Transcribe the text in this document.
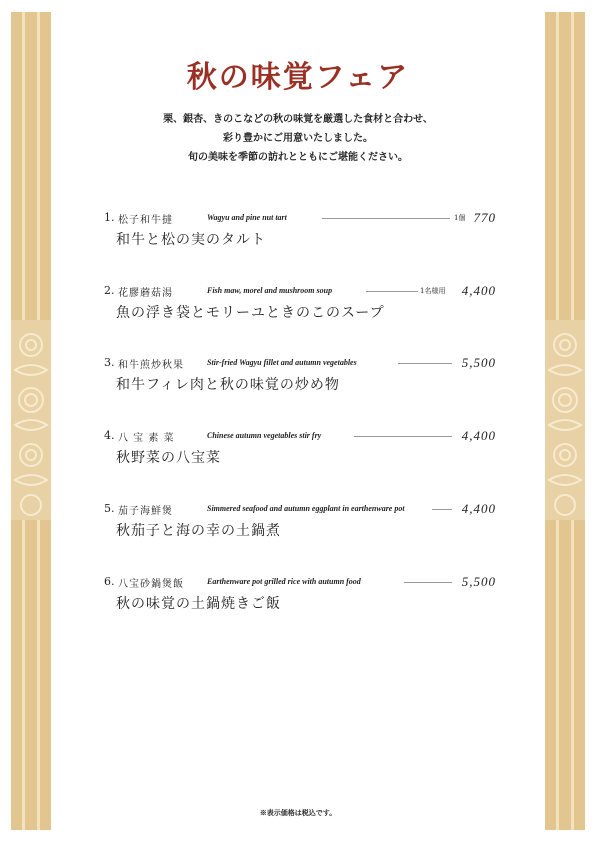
秋の味覚フェア
栗、銀杏、きのこなどの秋の味覚を厳選した食材と合わせ、
彩り豊かにご用意いたしました。
旬の美味を季節の訪れとともにご堪能ください。
1. 松子和牛撻	Wagyu and pine nut tart	1個 770
和牛と松の実のタルト
2. 花膠蘑菇湯	Fish maw, morel and mushroom soup	1名様用 4,400
魚の浮き袋とモリーユときのこのスープ
3. 和牛煎炒秋果	Stir-fried Wagyu fillet and autumn vegetables	5,500
和牛フィレ肉と秋の味覚の炒め物
4. 八 宝 素 菜	Chinese autumn vegetables stir fry	4,400
秋野菜の八宝菜
5. 茄子海鮮煲	Simmered seafood and autumn eggplant in earthenware pot	4,400
秋茄子と海の幸の土鍋煮
6. 八宝砂鍋煲飯	Earthenware pot grilled rice with autumn food	5,500
秋の味覚の土鍋焼きご飯
※表示価格は税込です。
